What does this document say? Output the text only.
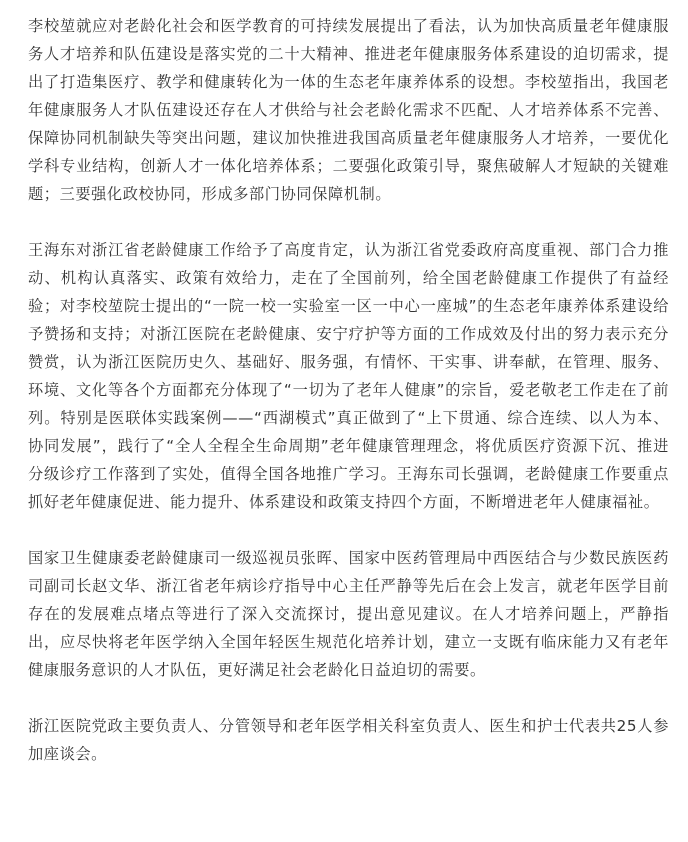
李校堃就应对老龄化社会和医学教育的可持续发展提出了看法，认为加快高质量老年健康服务人才培养和队伍建设是落实党的二十大精神、推进老年健康服务体系建设的迫切需求，提出了打造集医疗、教学和健康转化为一体的生态老年康养体系的设想。李校堃指出，我国老年健康服务人才队伍建设还存在人才供给与社会老龄化需求不匹配、人才培养体系不完善、保障协同机制缺失等突出问题，建议加快推进我国高质量老年健康服务人才培养，一要优化学科专业结构，创新人才一体化培养体系；二要强化政策引导，聚焦破解人才短缺的关键难题；三要强化政校协同，形成多部门协同保障机制。

王海东对浙江省老龄健康工作给予了高度肯定，认为浙江省党委政府高度重视、部门合力推动、机构认真落实、政策有效给力，走在了全国前列，给全国老龄健康工作提供了有益经验；对李校堃院士提出的“一院一校一实验室一区一中心一座城”的生态老年康养体系建设给予赞扬和支持；对浙江医院在老龄健康、安宁疗护等方面的工作成效及付出的努力表示充分赞赏，认为浙江医院历史久、基础好、服务强，有情怀、干实事、讲奉献，在管理、服务、环境、文化等各个方面都充分体现了“一切为了老年人健康”的宗旨，爱老敬老工作走在了前列。特别是医联体实践案例——“西湖模式”真正做到了“上下贯通、综合连续、以人为本、协同发展”，践行了“全人全程全生命周期”老年健康管理理念，将优质医疗资源下沉、推进分级诊疗工作落到了实处，值得全国各地推广学习。王海东司长强调，老龄健康工作要重点抓好老年健康促进、能力提升、体系建设和政策支持四个方面，不断增进老年人健康福祉。

国家卫生健康委老龄健康司一级巡视员张晖、国家中医药管理局中西医结合与少数民族医药司副司长赵文华、浙江省老年病诊疗指导中心主任严静等先后在会上发言，就老年医学目前存在的发展难点堵点等进行了深入交流探讨，提出意见建议。在人才培养问题上，严静指出，应尽快将老年医学纳入全国年轻医生规范化培养计划，建立一支既有临床能力又有老年健康服务意识的人才队伍，更好满足社会老龄化日益迫切的需要。

浙江医院党政主要负责人、分管领导和老年医学相关科室负责人、医生和护士代表共25人参加座谈会。
